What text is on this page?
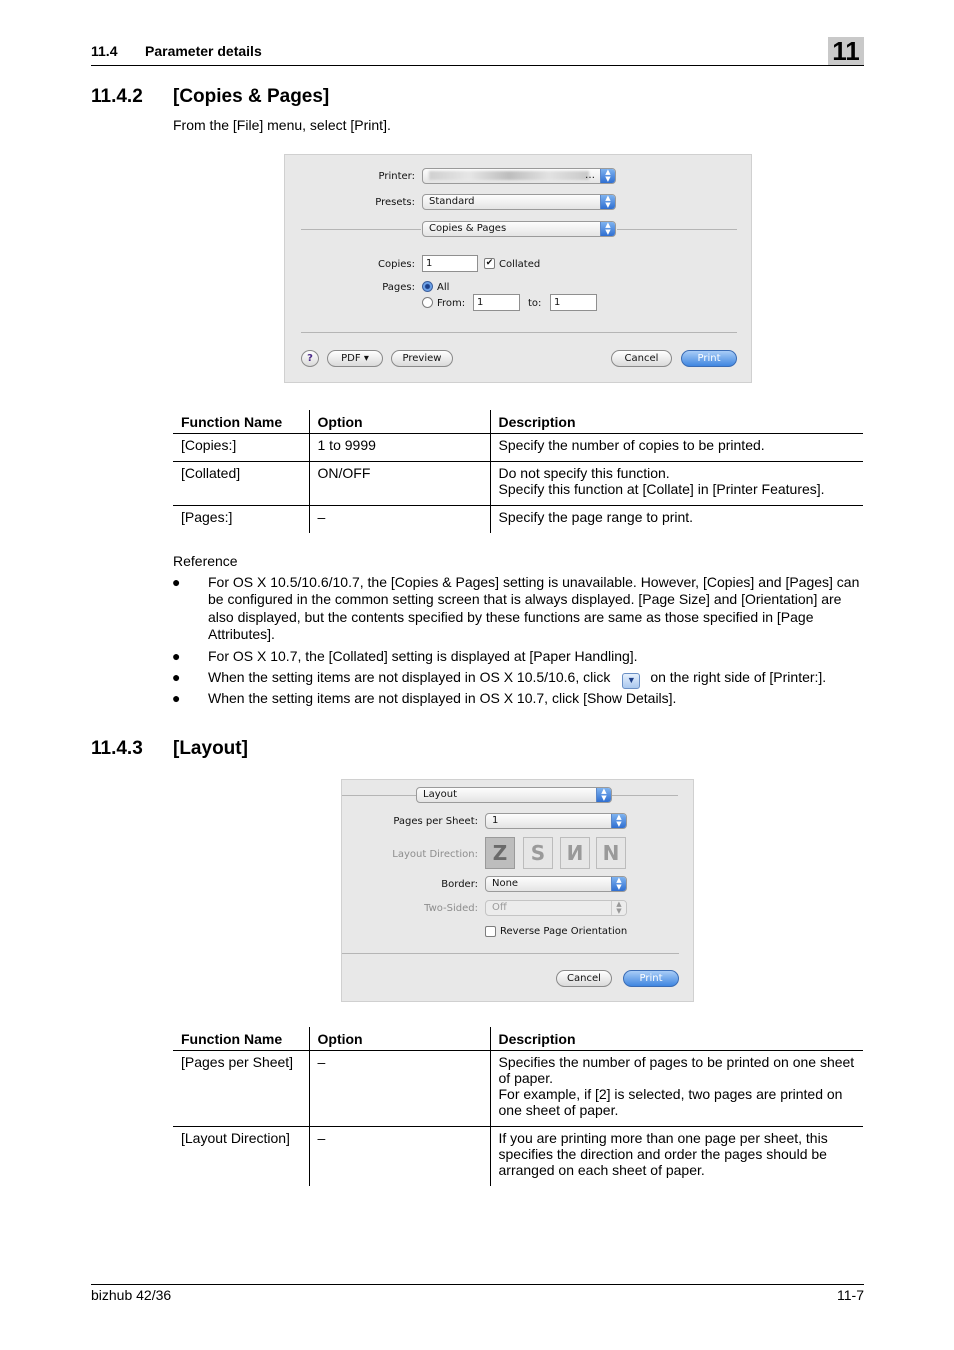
11.4 Parameter details	11
11.4.2 [Copies & Pages]
From the [File] menu, select [Print].
Printer:	…	▲
▼
Presets:	Standard	▲
▼
Copies & Pages	▲
▼
Copies:	1	✔ Collated
Pages: All
From:	1	to:	1
?	PDF ▾	Preview	Cancel	Print
Function Name	Option	Description
[Copies:]	1 to 9999	Specify the number of copies to be printed.
[Collated]	ON/OFF	Do not specify this function.
Specify this function at [Collate] in [Printer Features].

[Pages:]	–	Specify the page range to print.
Reference
● For OS X 10.5/10.6/10.7, the [Copies & Pages] setting is unavailable. However, [Copies] and [Pages] can be configured in the common setting screen that is always displayed. [Page Size] and [Orientation] are also displayed, but the contents specified by these functions are same as those specified in [Page Attributes].
● For OS X 10.7, the [Collated] setting is displayed at [Paper Handling].
● When the setting items are not displayed in OS X 10.5/10.6, click ▼ on the right side of [Printer:].
● When the setting items are not displayed in OS X 10.7, click [Show Details].
11.4.3 [Layout]
Layout	▲
▼
Pages per Sheet:	1	▲
▼
Layout Direction: Z	S	И N
Border:	None	▲
▼
Two-Sided:	Off	▲
▼
Reverse Page Orientation
Cancel	Print
Function Name	Option	Description
[Pages per Sheet]	–	Specifies the number of pages to be printed on one sheet of paper.
For example, if [2] is selected, two pages are printed on one sheet of paper.

[Layout Direction]	–	If you are printing more than one page per sheet, this specifies the direction and order the pages should be arranged on each sheet of paper.
bizhub 42/36	11-7
